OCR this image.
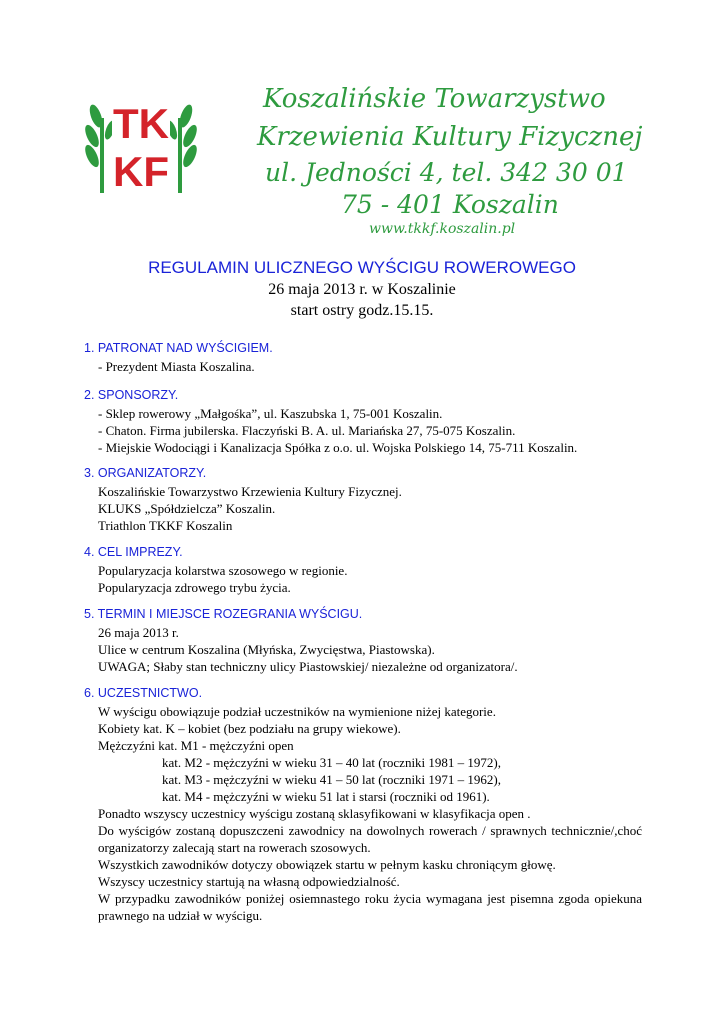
TK
KF
Koszalińskie Towarzystwo
Krzewienia Kultury Fizycznej
ul. Jedności 4, tel. 342 30 01
75 - 401 Koszalin
www.tkkf.koszalin.pl
REGULAMIN ULICZNEGO WYŚCIGU ROWEROWEGO
26 maja 2013 r. w Koszalinie
start ostry godz.15.15.
1. PATRONAT NAD WYŚCIGIEM.
- Prezydent Miasta Koszalina.
2. SPONSORZY.
- Sklep rowerowy „Małgośka”, ul. Kaszubska 1, 75-001 Koszalin.
- Chaton. Firma jubilerska. Flaczyński B. A. ul. Mariańska 27, 75-075 Koszalin.
- Miejskie Wodociągi i Kanalizacja Spółka z o.o. ul. Wojska Polskiego 14, 75-711 Koszalin.
3. ORGANIZATORZY.
Koszalińskie Towarzystwo Krzewienia Kultury Fizycznej.
KLUKS „Spółdzielcza” Koszalin.
Triathlon TKKF Koszalin
4. CEL IMPREZY.
Popularyzacja kolarstwa szosowego w regionie.
Popularyzacja zdrowego trybu życia.
5. TERMIN I MIEJSCE ROZEGRANIA WYŚCIGU.
26 maja 2013 r.
Ulice w centrum Koszalina (Młyńska, Zwycięstwa, Piastowska).
UWAGA; Słaby stan techniczny ulicy Piastowskiej/ niezależne od organizatora/.
6. UCZESTNICTWO.
W wyścigu obowiązuje podział uczestników na wymienione niżej kategorie.
Kobiety kat. K – kobiet (bez podziału na grupy wiekowe).
Mężczyźni kat. M1 - mężczyźni open
kat. M2 - mężczyźni w wieku 31 – 40 lat (roczniki 1981 – 1972),
kat. M3 - mężczyźni w wieku 41 – 50 lat (roczniki 1971 – 1962),
kat. M4 - mężczyźni w wieku 51 lat i starsi (roczniki od 1961).
Ponadto wszyscy uczestnicy wyścigu zostaną sklasyfikowani w klasyfikacja open .
Do wyścigów zostaną dopuszczeni zawodnicy na dowolnych rowerach / sprawnych technicznie/,choć organizatorzy zalecają start na rowerach szosowych.
Wszystkich zawodników dotyczy obowiązek startu w pełnym kasku chroniącym głowę.
Wszyscy uczestnicy startują na własną odpowiedzialność.
W przypadku zawodników poniżej osiemnastego roku życia wymagana jest pisemna zgoda opiekuna prawnego na udział w wyścigu.
